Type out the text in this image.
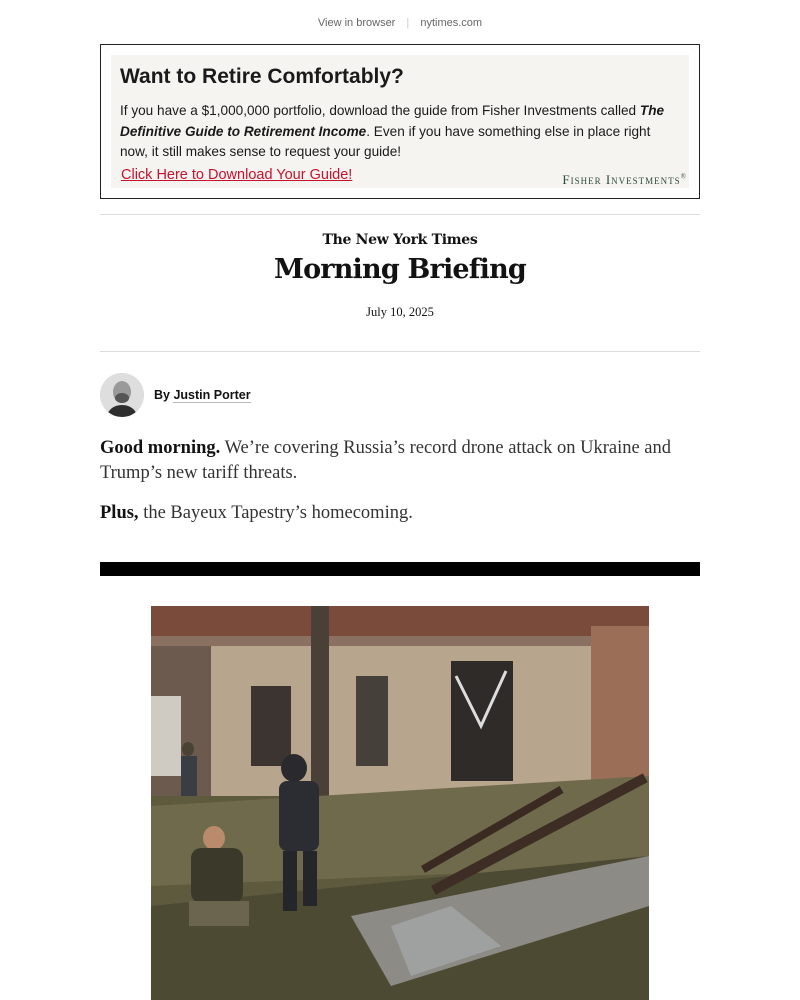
View in browser | nytimes.com
Want to Retire Comfortably?
If you have a $1,000,000 portfolio, download the guide from Fisher Investments called The Definitive Guide to Retirement Income. Even if you have something else in place right now, it still makes sense to request your guide!
Click Here to Download Your Guide!	Fisher Investments®
The New York Times
Morning Briefing
July 10, 2025
By Justin Porter

Good morning. We’re covering Russia’s record drone attack on Ukraine and Trump’s new tariff threats.

Plus, the Bayeux Tapestry’s homecoming.
